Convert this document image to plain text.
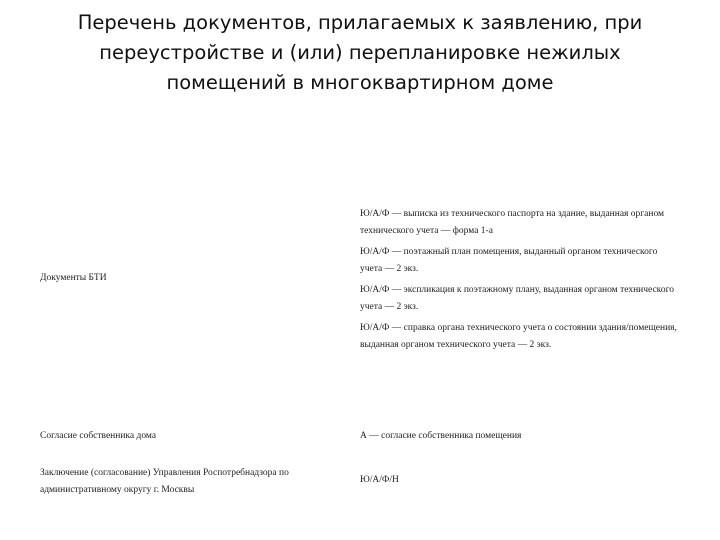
Перечень документов, прилагаемых к заявлению, при
переустройстве и (или) перепланировке нежилых
помещений в многоквартирном доме
Ю/А/Ф — выписка из технического паспорта на здание, выданная органом технического учета — форма 1-а
Ю/А/Ф — поэтажный план помещения, выданный органом технического учета — 2 экз.
Документы БТИ
Ю/А/Ф — экспликация к поэтажному плану, выданная органом технического учета — 2 экз.
Ю/А/Ф — справка органа технического учета о состоянии здания/помещения, выданная органом технического учета — 2 экз.
Согласие собственника дома	А — согласие собственника помещения
Заключение (согласование) Управления Роспотребнадзора по административному округу г. Москвы
Ю/А/Ф/Н
